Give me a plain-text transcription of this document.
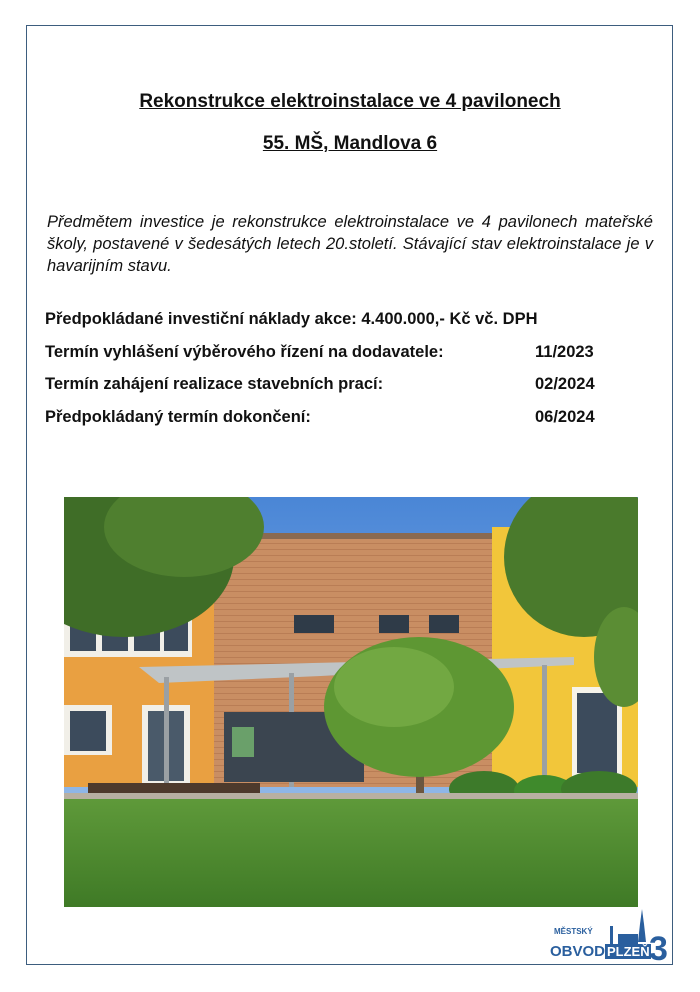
Rekonstrukce elektroinstalace ve 4 pavilonech
55. MŠ, Mandlova 6

Předmětem investice je rekonstrukce elektroinstalace ve 4 pavilonech mateřské školy, postavené v šedesátých letech 20.století. Stávající stav elektroinstalace je v havarijním stavu.

Předpokládané investiční náklady akce: 4.400.000,- Kč vč. DPH
Termín vyhlášení výběrového řízení na dodavatele:	11/2023
Termín zahájení realizace stavebních prací:	02/2024
Předpokládaný termín dokončení:	06/2024
MĚSTSKÝ
OBVOD PLZEŇ 3
